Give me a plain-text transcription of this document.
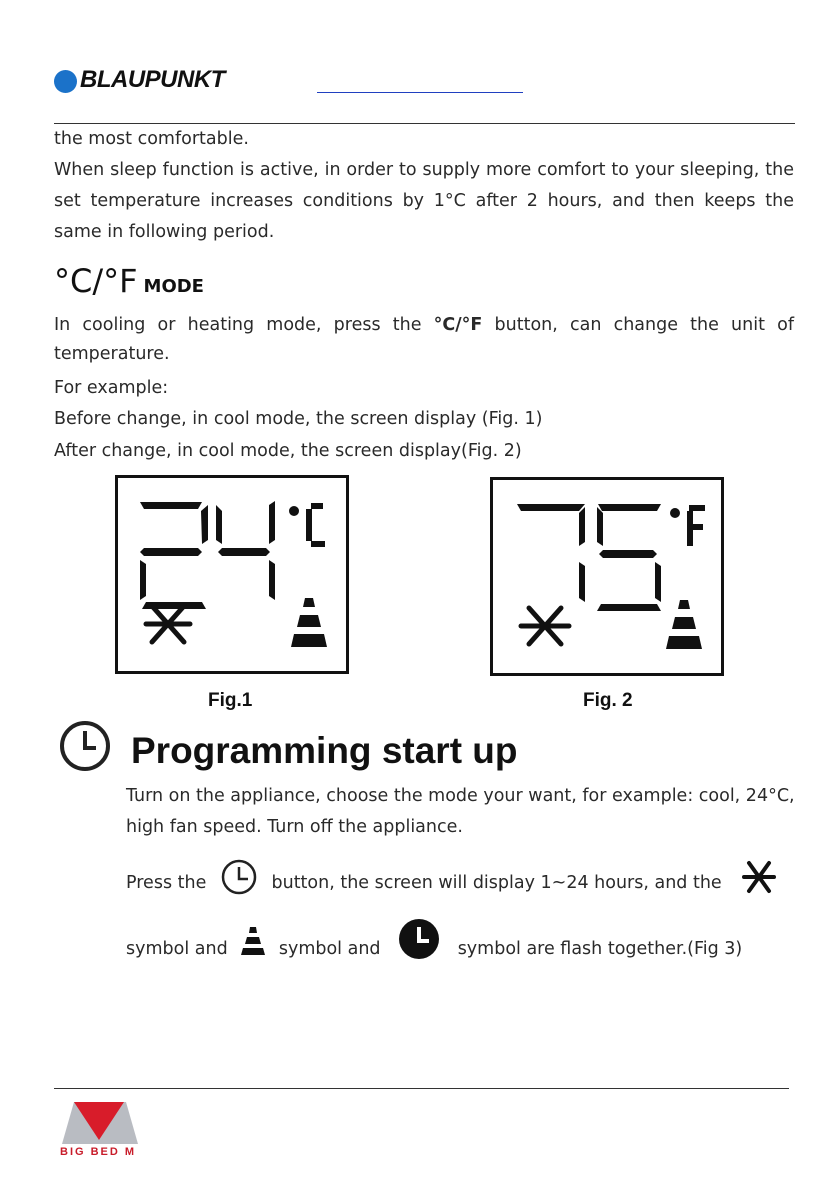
BLAUPUNKT
the most comfortable.
When sleep function is active, in order to supply more comfort to your sleeping, the set temperature increases conditions by 1°C after 2 hours, and then keeps the same in following period.
°C/°F MODE
In cooling or heating mode, press the °C/°F button, can change the unit of temperature.
For example:
Before change, in cool mode, the screen display (Fig. 1)
After change, in cool mode, the screen display(Fig. 2)
Fig.1	Fig. 2
Programming start up
Turn on the appliance, choose the mode your want, for example: cool, 24°C, high fan speed. Turn off the appliance.
Press the	button, the screen will display 1~24 hours, and the
symbol and	symbol and	symbol are flash together.(Fig 3)
BIG BED M
